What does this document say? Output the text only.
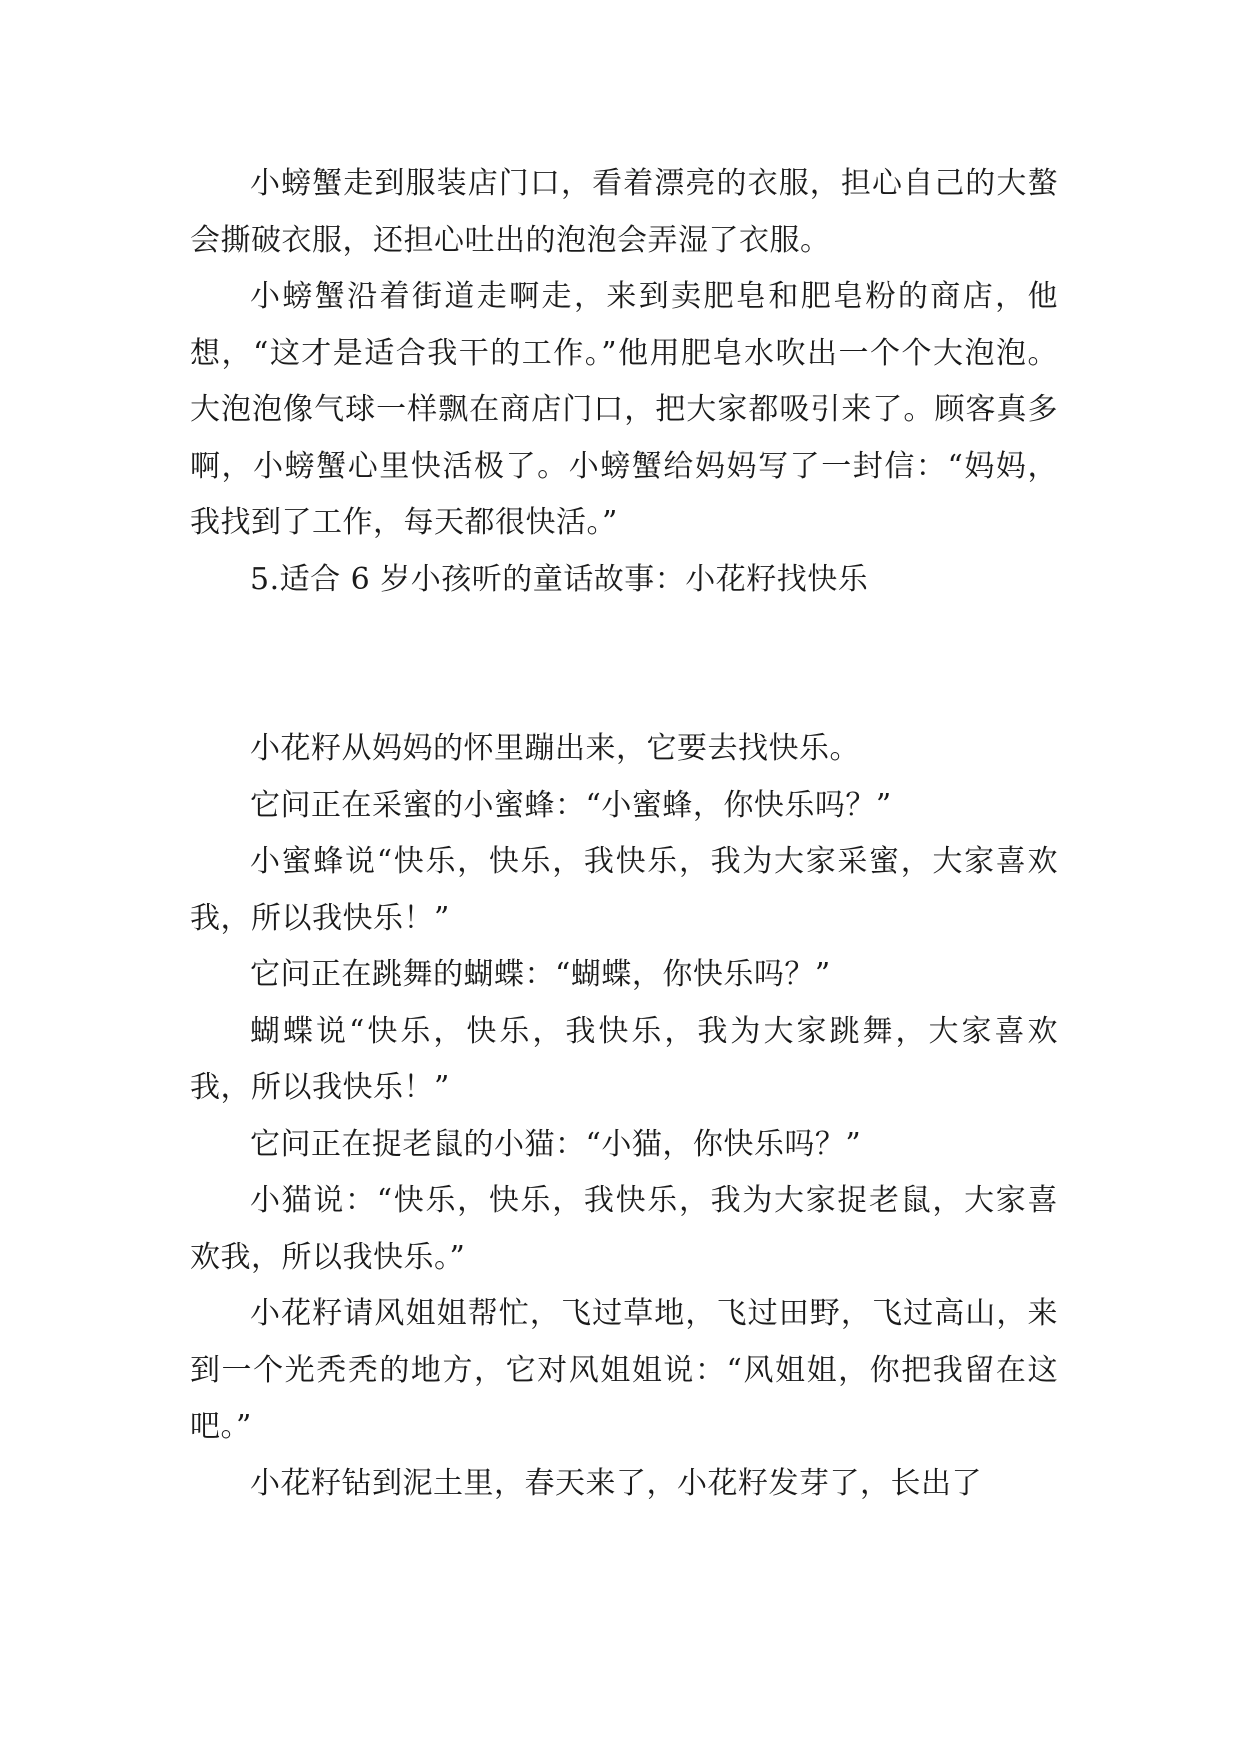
小螃蟹走到服装店门口，看着漂亮的衣服，担心自己的大螯会撕破衣服，还担心吐出的泡泡会弄湿了衣服。

小螃蟹沿着街道走啊走，来到卖肥皂和肥皂粉的商店，他想，“这才是适合我干的工作。”他用肥皂水吹出一个个大泡泡。大泡泡像气球一样飘在商店门口，把大家都吸引来了。顾客真多啊，小螃蟹心里快活极了。小螃蟹给妈妈写了一封信：“妈妈，我找到了工作，每天都很快活。”

5.适合 6 岁小孩听的童话故事：小花籽找快乐

小花籽从妈妈的怀里蹦出来，它要去找快乐。

它问正在采蜜的小蜜蜂：“小蜜蜂，你快乐吗？”

小蜜蜂说“快乐，快乐，我快乐，我为大家采蜜，大家喜欢我，所以我快乐！”

它问正在跳舞的蝴蝶：“蝴蝶，你快乐吗？”

蝴蝶说“快乐，快乐，我快乐，我为大家跳舞，大家喜欢我，所以我快乐！”

它问正在捉老鼠的小猫：“小猫，你快乐吗？”

小猫说：“快乐，快乐，我快乐，我为大家捉老鼠，大家喜欢我，所以我快乐。”

小花籽请风姐姐帮忙，飞过草地，飞过田野，飞过高山，来到一个光秃秃的地方，它对风姐姐说：“风姐姐，你把我留在这吧。”

小花籽钻到泥土里，春天来了，小花籽发芽了，长出了
